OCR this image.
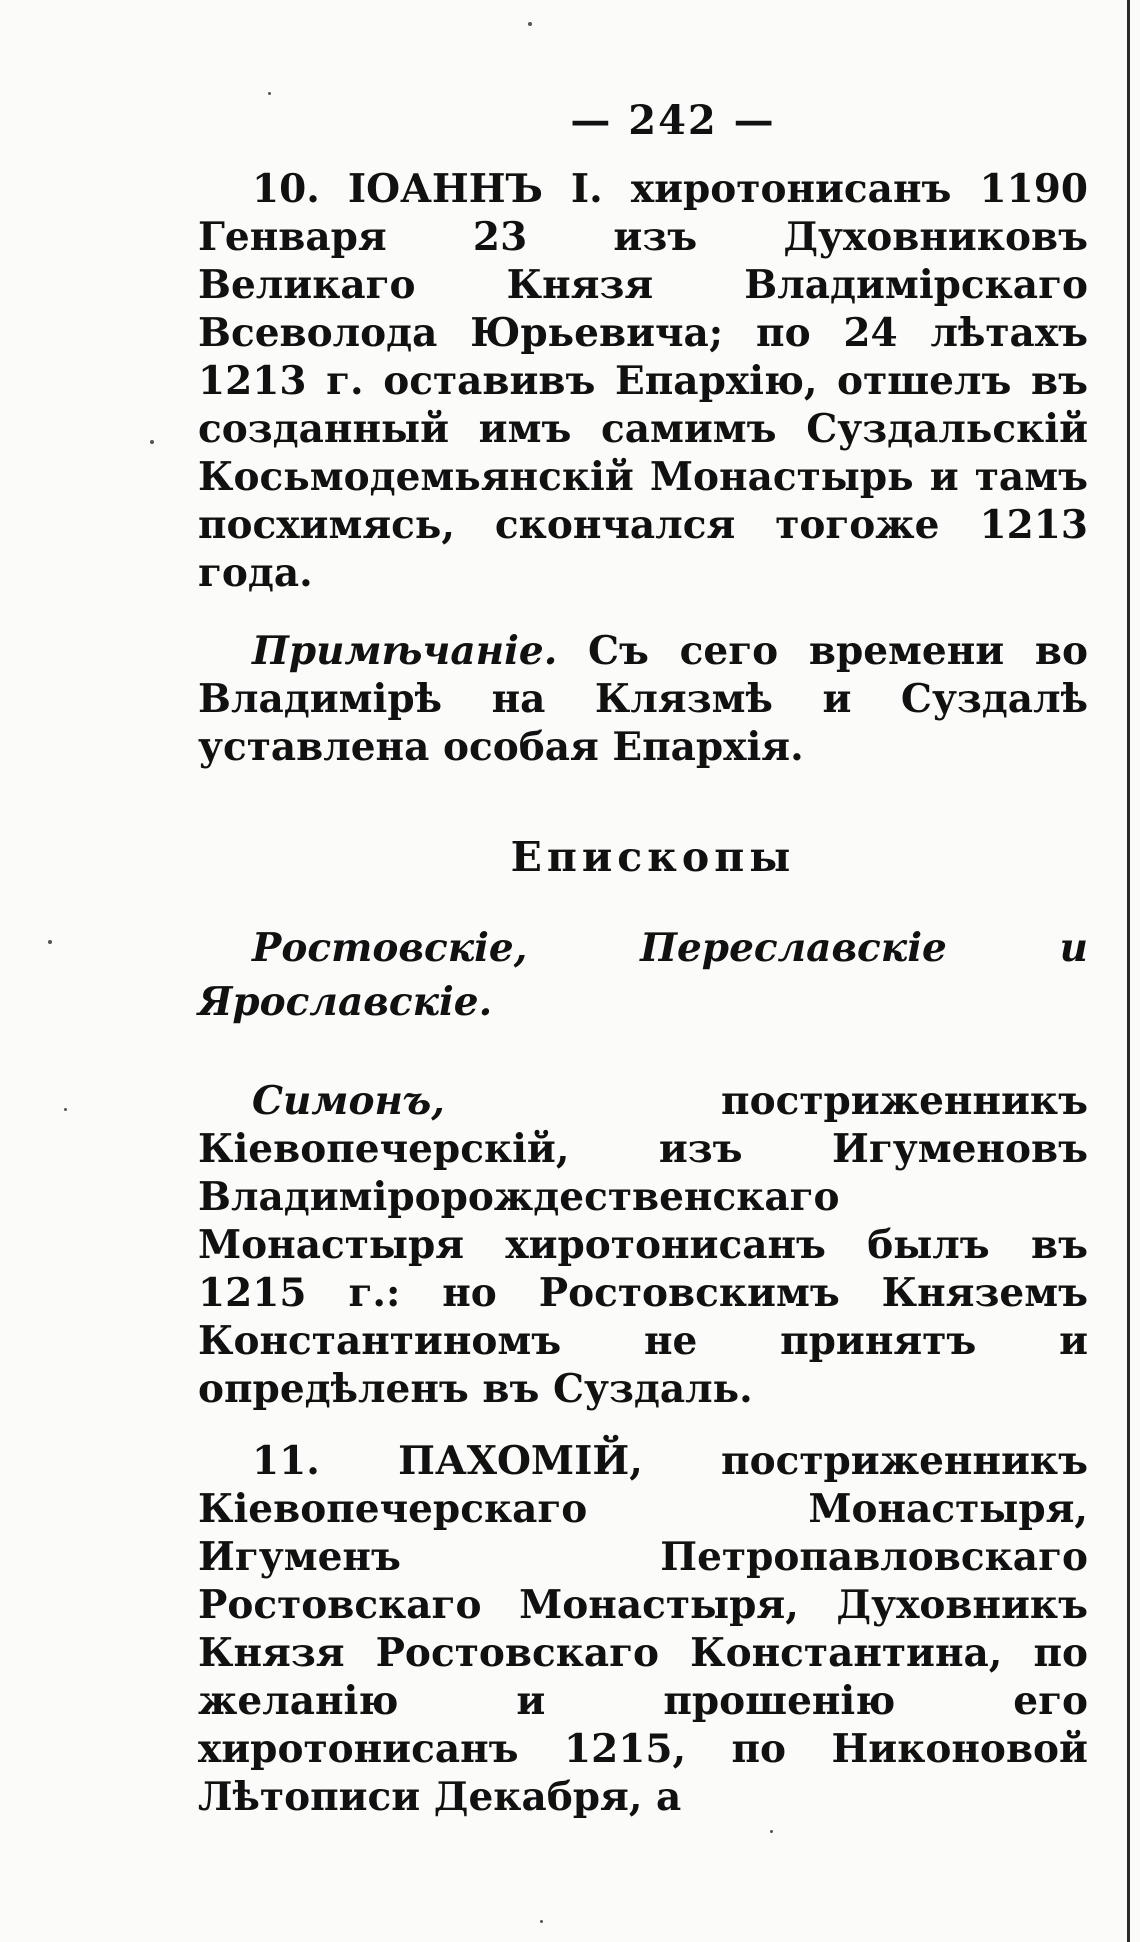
— 242 —

10. ІОАННЪ I. хиротонисанъ 1190 Генваря 23 изъ Духовниковъ Великаго Князя Владимірскаго Всеволода Юрьевича; по 24 лѣтахъ 1213 г. оставивъ Епархію, отшелъ въ созданный имъ самимъ Суздальскій Косьмодемьянскій Монастырь и тамъ посхимясь, скончался тогоже 1213 года.

Примѣчаніе. Съ сего времени во Владимірѣ на Клязмѣ и Суздалѣ уставлена особая Епархія.

Епископы

Ростовскіе, Переславскіе и Ярославскіе.

Симонъ,	постриженникъ Кіевопечерскій, изъ Игуменовъ Владиміророждественскаго Монастыря хиротонисанъ былъ въ 1215 г.: но Ростовскимъ Княземъ Константиномъ не принятъ и опредѣленъ въ Суздаль.

11. ПАХОМІЙ, постриженникъ Кіевопечерскаго Монастыря, Игуменъ Петропавловскаго Ростовскаго Монастыря, Духовникъ Князя Ростовскаго Константина, по желанію и прошенію его хиротонисанъ 1215, по Никоновой Лѣтописи Декабря, а
